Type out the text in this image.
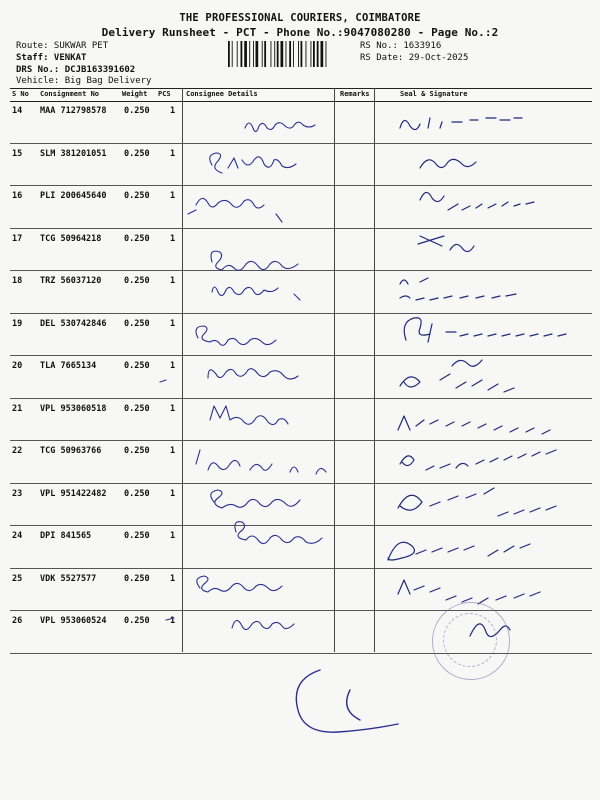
THE PROFESSIONAL COURIERS, COIMBATORE
Delivery Runsheet - PCT - Phone No.:9047080280 - Page No.:2
Route: SUKWAR PET
Staff: VENKAT
DRS No.: DCJB163391602
Vehicle: Big Bag Delivery
RS No.: 1633916
RS Date: 29-Oct-2025
S No Consignment No	Weight PCS Consignee Details	Remarks	Seal & Signature
14 MAA 712798578 0.250 1
15 SLM 381201051 0.250 1
16 PLI 200645640 0.250 1
17 TCG 50964218	0.250 1
18 TRZ 56037120	0.250 1
19 DEL 530742846 0.250 1
20 TLA 7665134	0.250 1
21 VPL 953060518 0.250 1
22 TCG 50963766	0.250 1
23 VPL 951422482 0.250 1
24 DPI 841565	0.250 1
25 VDK 5527577	0.250 1
26 VPL 953060524 0.250 1
